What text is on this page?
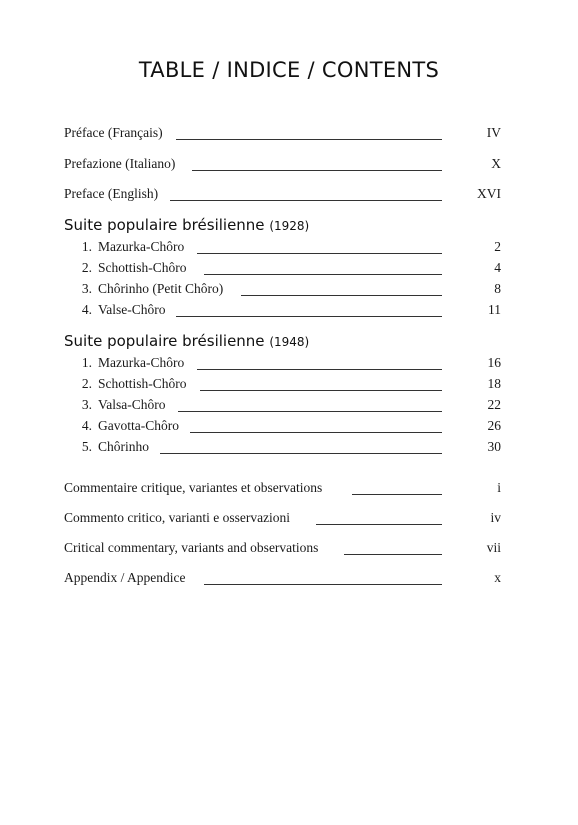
TABLE / INDICE / CONTENTS
Préface (Français)	IV
Prefazione (Italiano)	X
Preface (English)	XVI
Suite populaire brésilienne (1928)
1. Mazurka-Chôro	2
2. Schottish-Chôro	4
3. Chôrinho (Petit Chôro)	8
4. Valse-Chôro	11
Suite populaire brésilienne (1948)
1. Mazurka-Chôro	16
2. Schottish-Chôro	18
3. Valsa-Chôro	22
4. Gavotta-Chôro	26
5. Chôrinho	30
Commentaire critique, variantes et observations	i
Commento critico, varianti e osservazioni	iv
Critical commentary, variants and observations	vii
Appendix / Appendice	x
